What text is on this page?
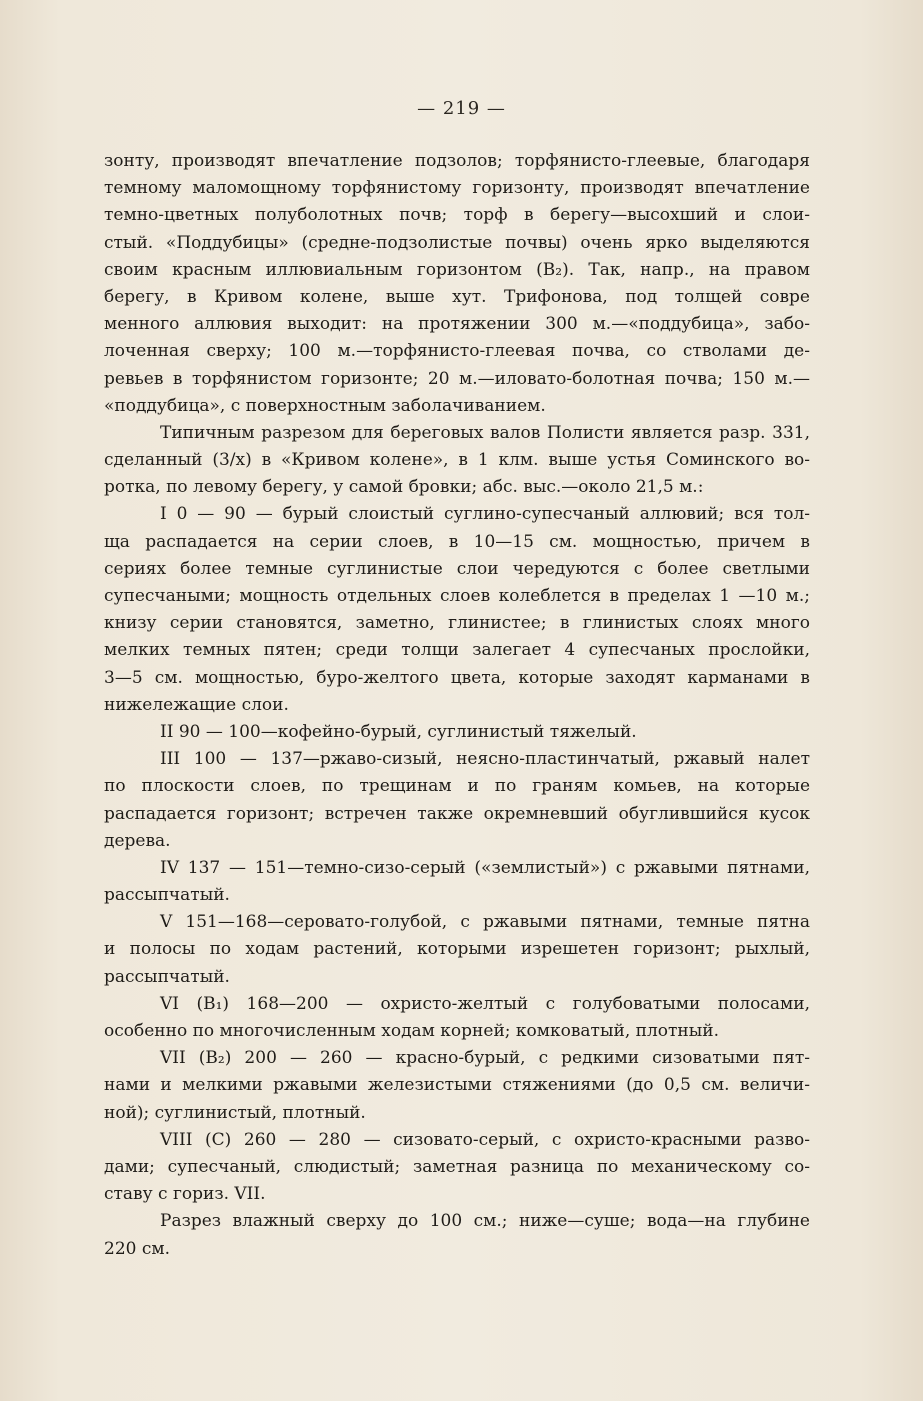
— 219 —
зонту, производят впечатление подзолов; торфянисто-глеевые, благодаря
темному маломощному торфянистому горизонту, производят впечатление
темно-цветных полуболотных почв; торф в берегу—высохший и слои-
стый. «Поддубицы» (средне-подзолистые почвы) очень ярко выделяются
своим красным иллювиальным горизонтом (B₂). Так, напр., на правом
берегу, в Кривом колене, выше хут. Трифонова, под толщей совре
менного аллювия выходит: на протяжении 300 м.—«поддубица», забо-
лоченная сверху; 100 м.—торфянисто-глеевая почва, со стволами де-
ревьев в торфянистом горизонте; 20 м.—иловато-болотная почва; 150 м.—
«поддубица», с поверхностным заболачиванием.
Типичным разрезом для береговых валов Полисти является разр. 331,
сделанный (3/х) в «Кривом колене», в 1 клм. выше устья Соминского во-
ротка, по левому берегу, у самой бровки; абс. выс.—около 21,5 м.:
I 0 — 90 — бурый слоистый суглино-супесчаный аллювий; вся тол-
ща распадается на серии слоев, в 10—15 см. мощностью, причем в
сериях более темные суглинистые слои чередуются с более светлыми
супесчаными; мощность отдельных слоев колеблется в пределах 1 —10 м.;
книзу серии становятся, заметно, глинистее; в глинистых слоях много
мелких темных пятен; среди толщи залегает 4 супесчаных прослойки,
3—5 см. мощностью, буро-желтого цвета, которые заходят карманами в
нижележащие слои.
II 90 — 100—кофейно-бурый, суглинистый тяжелый.
III 100 — 137—ржаво-сизый, неясно-пластинчатый, ржавый налет
по плоскости слоев, по трещинам и по граням комьев, на которые
распадается горизонт; встречен также окремневший обуглившийся кусок
дерева.
IV 137 — 151—темно-сизо-серый («землистый») с ржавыми пятнами,
рассыпчатый.
V 151—168—серовато-голубой, с ржавыми пятнами, темные пятна
и полосы по ходам растений, которыми изрешетен горизонт; рыхлый,
рассыпчатый.
VI (B₁) 168—200 — охристо-желтый с голубоватыми полосами,
особенно по многочисленным ходам корней; комковатый, плотный.
VII (B₂) 200 — 260 — красно-бурый, с редкими сизоватыми пят-
нами и мелкими ржавыми железистыми стяжениями (до 0,5 см. величи-
ной); суглинистый, плотный.
VIII (C) 260 — 280 — сизовато-серый, с охристо-красными разво-
дами; супесчаный, слюдистый; заметная разница по механическому со-
ставу с гориз. VII.
Разрез влажный сверху до 100 см.; ниже—суше; вода—на глубине
220 см.
